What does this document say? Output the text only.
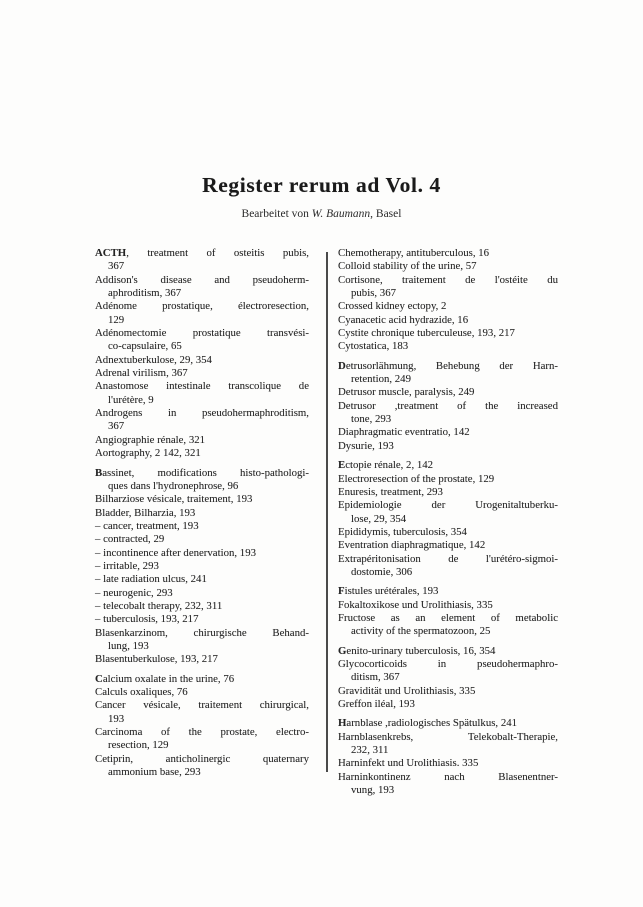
Register rerum ad Vol. 4
Bearbeitet von W. Baumann, Basel
ACTH, treatment of osteitis pubis,
367
Addison's disease and pseudoherm-
aphroditism, 367
Adénome prostatique, électroresection,
129
Adénomectomie prostatique transvési-
co-capsulaire, 65
Adnextuberkulose, 29, 354
Adrenal virilism, 367
Anastomose intestinale transcolique de
l'urétère, 9
Androgens in pseudohermaphroditism,
367
Angiographie rénale, 321
Aortography, 2 142, 321
Bassinet, modifications histo-pathologi-
ques dans l'hydronephrose, 96
Bilharziose vésicale, traitement, 193
Bladder, Bilharzia, 193
– cancer, treatment, 193
– contracted, 29
– incontinence after denervation, 193
– irritable, 293
– late radiation ulcus, 241
– neurogenic, 293
– telecobalt therapy, 232, 311
– tuberculosis, 193, 217
Blasenkarzinom, chirurgische Behand-
lung, 193
Blasentuberkulose, 193, 217
Calcium oxalate in the urine, 76
Calculs oxaliques, 76
Cancer vésicale, traitement chirurgical,
193
Carcinoma of the prostate, electro-
resection, 129
Cetiprin, anticholinergic quaternary
ammonium base, 293
Chemotherapy, antituberculous, 16
Colloid stability of the urine, 57
Cortisone, traitement de l'ostéite du
pubis, 367
Crossed kidney ectopy, 2
Cyanacetic acid hydrazide, 16
Cystite chronique tuberculeuse, 193, 217
Cytostatica, 183
Detrusorlähmung, Behebung der Harn-
retention, 249
Detrusor muscle, paralysis, 249
Detrusor ,treatment of the increased
tone, 293
Diaphragmatic eventratio, 142
Dysurie, 193
Ectopie rénale, 2, 142
Electroresection of the prostate, 129
Enuresis, treatment, 293
Epidemiologie der Urogenitaltuberku-
lose, 29, 354
Epididymis, tuberculosis, 354
Eventration diaphragmatique, 142
Extrapéritonisation de l'urétéro-sigmoi-
dostomie, 306
Fistules urétérales, 193
Fokaltoxikose und Urolithiasis, 335
Fructose as an element of metabolic
activity of the spermatozoon, 25
Genito-urinary tuberculosis, 16, 354
Glycocorticoids in pseudohermaphro-
ditism, 367
Gravidität und Urolithiasis, 335
Greffon iléal, 193
Harnblase ,radiologisches Spätulkus, 241
Harnblasenkrebs, Telekobalt-Therapie,
232, 311
Harninfekt und Urolithiasis. 335
Harninkontinenz nach Blasenentner-
vung, 193
